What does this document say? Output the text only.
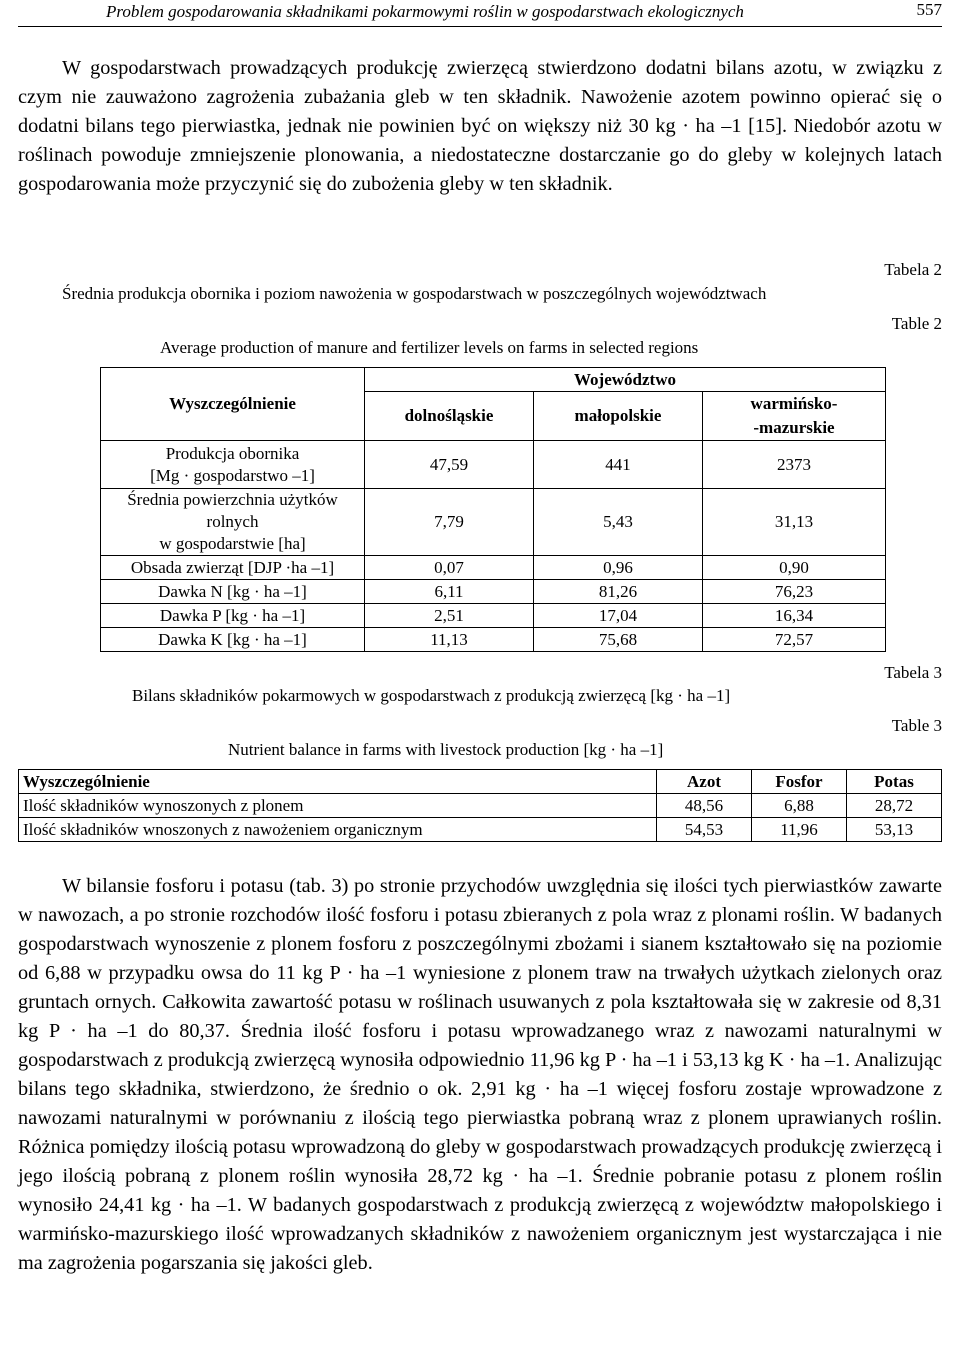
Problem gospodarowania składnikami pokarmowymi roślin w gospodarstwach ekologicznych	557

W gospodarstwach prowadzących produkcję zwierzęcą stwierdzono dodatni bilans azotu, w związku z czym nie zauważono zagrożenia zubażania gleb w ten składnik. Nawożenie azotem powinno opierać się o dodatni bilans tego pierwiastka, jednak nie powinien być on większy niż 30 kg · ha –1 [15]. Niedobór azotu w roślinach powoduje zmniejszenie plonowania, a niedostateczne dostarczanie go do gleby w kolejnych latach gospodarowania może przyczynić się do zubożenia gleby w ten składnik.

Tabela 2
Średnia produkcja obornika i poziom nawożenia w gospodarstwach w poszczególnych województwach
Table 2
Average production of manure and fertilizer levels on farms in selected regions
Wyszczególnienie	Województwo		
	dolnośląskie	małopolskie	warmińsko-
-mazurskie
Produkcja obornika
[Mg · gospodarstwo –1]	47,59	441	2373
Średnia powierzchnia użytków rolnych
w gospodarstwie [ha]	7,79	5,43	31,13
Obsada zwierząt [DJP ·ha –1]	0,07	0,96	0,90
Dawka N [kg · ha –1]	6,11	81,26	76,23
Dawka P [kg · ha –1]	2,51	17,04	16,34
Dawka K [kg · ha –1]	11,13	75,68	72,57
Tabela 3
Bilans składników pokarmowych w gospodarstwach z produkcją zwierzęcą [kg · ha –1]
Table 3
Nutrient balance in farms with livestock production [kg · ha –1]
Wyszczególnienie	Azot	Fosfor	Potas
Ilość składników wynoszonych z plonem	48,56	6,88	28,72
Ilość składników wnoszonych z nawożeniem organicznym	54,53	11,96	53,13

W bilansie fosforu i potasu (tab. 3) po stronie przychodów uwzględnia się ilości tych pierwiastków zawarte w nawozach, a po stronie rozchodów ilość fosforu i potasu zbieranych z pola wraz z plonami roślin. W badanych gospodarstwach wynoszenie z plonem fosforu z poszczególnymi zbożami i sianem kształtowało się na poziomie od 6,88 w przypadku owsa do 11 kg P · ha –1 wyniesione z plonem traw na trwałych użytkach zielonych oraz gruntach ornych. Całkowita zawartość potasu w roślinach usuwanych z pola kształtowała się w zakresie od 8,31 kg P · ha –1 do 80,37. Średnia ilość fosforu i potasu wprowadzanego wraz z nawozami naturalnymi w gospodarstwach z produkcją zwierzęcą wynosiła odpowiednio 11,96 kg P · ha –1 i 53,13 kg K · ha –1. Analizując bilans tego składnika, stwierdzono, że średnio o ok. 2,91 kg · ha –1 więcej fosforu zostaje wprowadzone z nawozami naturalnymi w porównaniu z ilością tego pierwiastka pobraną wraz z plonem uprawianych roślin. Różnica pomiędzy ilością potasu wprowadzoną do gleby w gospodarstwach prowadzących produkcję zwierzęcą i jego ilością pobraną z plonem roślin wynosiła 28,72 kg · ha –1. Średnie pobranie potasu z plonem roślin wynosiło 24,41 kg · ha –1. W badanych gospodarstwach z produkcją zwierzęcą z województw małopolskiego i warmińsko-mazurskiego ilość wprowadzanych składników z nawożeniem organicznym jest wystarczająca i nie ma zagrożenia pogarszania się jakości gleb.
